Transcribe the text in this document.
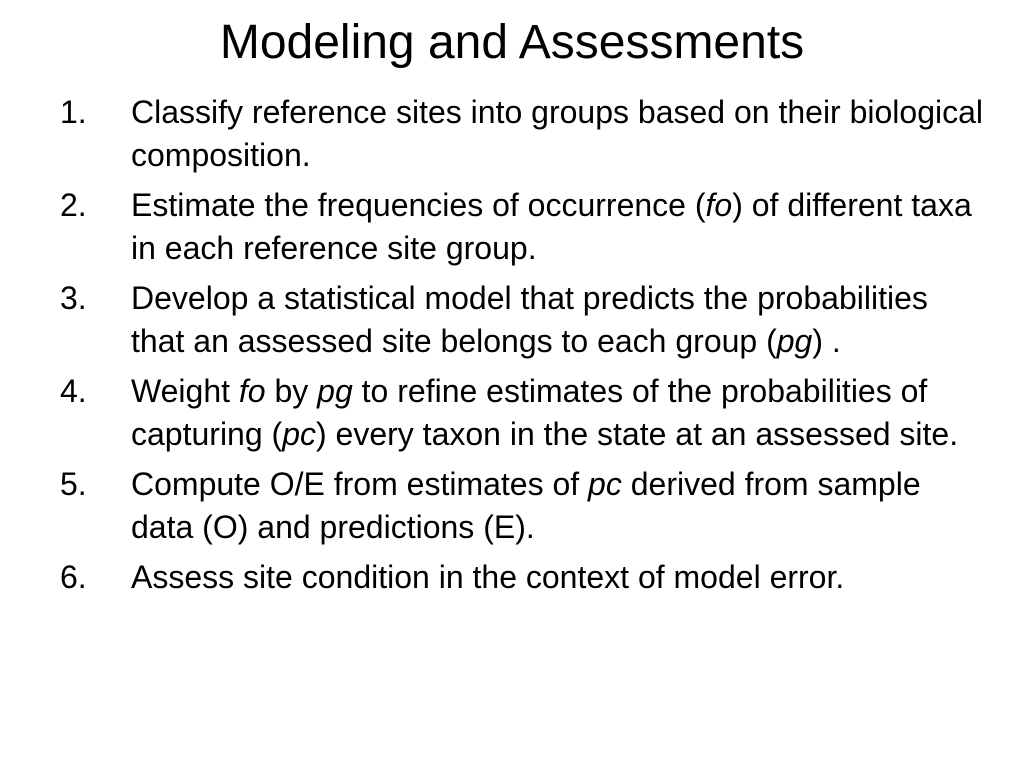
Modeling and Assessments
1. Classify reference sites into groups based on their biological composition.
2. Estimate the frequencies of occurrence (fo) of different taxa in each reference site group.
3. Develop a statistical model that predicts the probabilities that an assessed site belongs to each group (pg) .
4. Weight fo by pg to refine estimates of the probabilities of capturing (pc) every taxon in the state at an assessed site.
5. Compute O/E from estimates of pc derived from sample data (O) and predictions (E).
6. Assess site condition in the context of model error.
